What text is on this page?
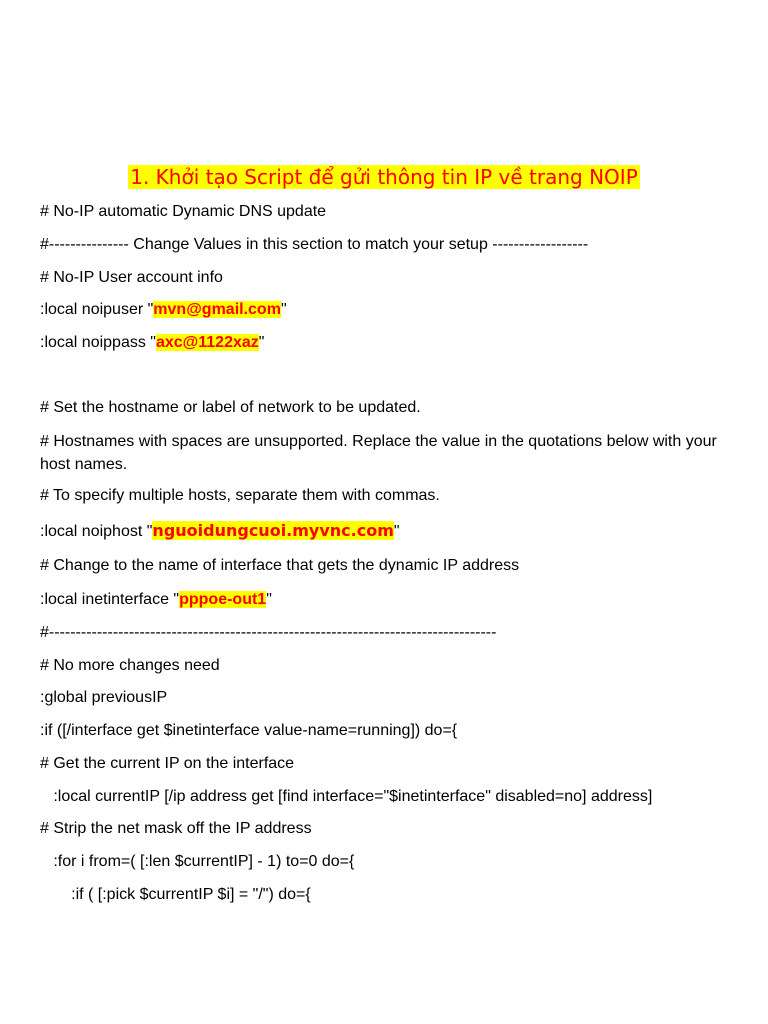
1. Khởi tạo Script để gửi thông tin IP về trang NOIP
# No-IP automatic Dynamic DNS update
#--------------- Change Values in this section to match your setup ------------------
# No-IP User account info
:local noipuser "mvn@gmail.com"
:local noippass "axc@1122xaz"
# Set the hostname or label of network to be updated.
# Hostnames with spaces are unsupported. Replace the value in the quotations below with your host names.
# To specify multiple hosts, separate them with commas.
:local noiphost "nguoidungcuoi.myvnc.com"
# Change to the name of interface that gets the dynamic IP address
:local inetinterface "pppoe-out1"
#------------------------------------------------------------------------------------
# No more changes need
:global previousIP
:if ([/interface get $inetinterface value-name=running]) do={
# Get the current IP on the interface
:local currentIP [/ip address get [find interface="$inetinterface" disabled=no] address]
# Strip the net mask off the IP address
:for i from=( [:len $currentIP] - 1) to=0 do={
:if ( [:pick $currentIP $i] = "/") do={
